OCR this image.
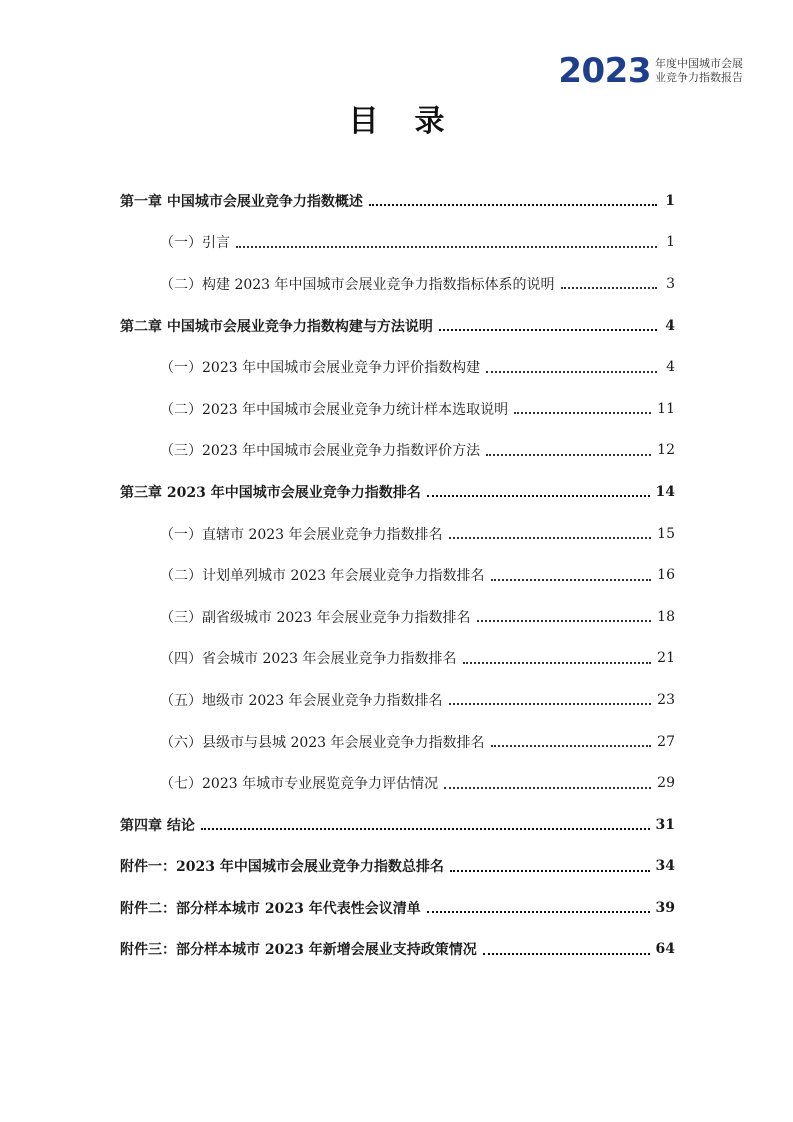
2023 年度中国城市会展
业竞争力指数报告
目录
第一章 中国城市会展业竞争力指数概述	1
（一）引言	1
（二）构建 2023 年中国城市会展业竞争力指数指标体系的说明	3
第二章 中国城市会展业竞争力指数构建与方法说明	4
（一）2023 年中国城市会展业竞争力评价指数构建	4
（二）2023 年中国城市会展业竞争力统计样本选取说明	11
（三）2023 年中国城市会展业竞争力指数评价方法	12
第三章 2023 年中国城市会展业竞争力指数排名	14
（一）直辖市 2023 年会展业竞争力指数排名	15
（二）计划单列城市 2023 年会展业竞争力指数排名	16
（三）副省级城市 2023 年会展业竞争力指数排名	18
（四）省会城市 2023 年会展业竞争力指数排名	21
（五）地级市 2023 年会展业竞争力指数排名	23
（六）县级市与县城 2023 年会展业竞争力指数排名	27
（七）2023 年城市专业展览竞争力评估情况	29
第四章 结论	31
附件一：2023 年中国城市会展业竞争力指数总排名	34
附件二：部分样本城市 2023 年代表性会议清单	39
附件三：部分样本城市 2023 年新增会展业支持政策情况	64
